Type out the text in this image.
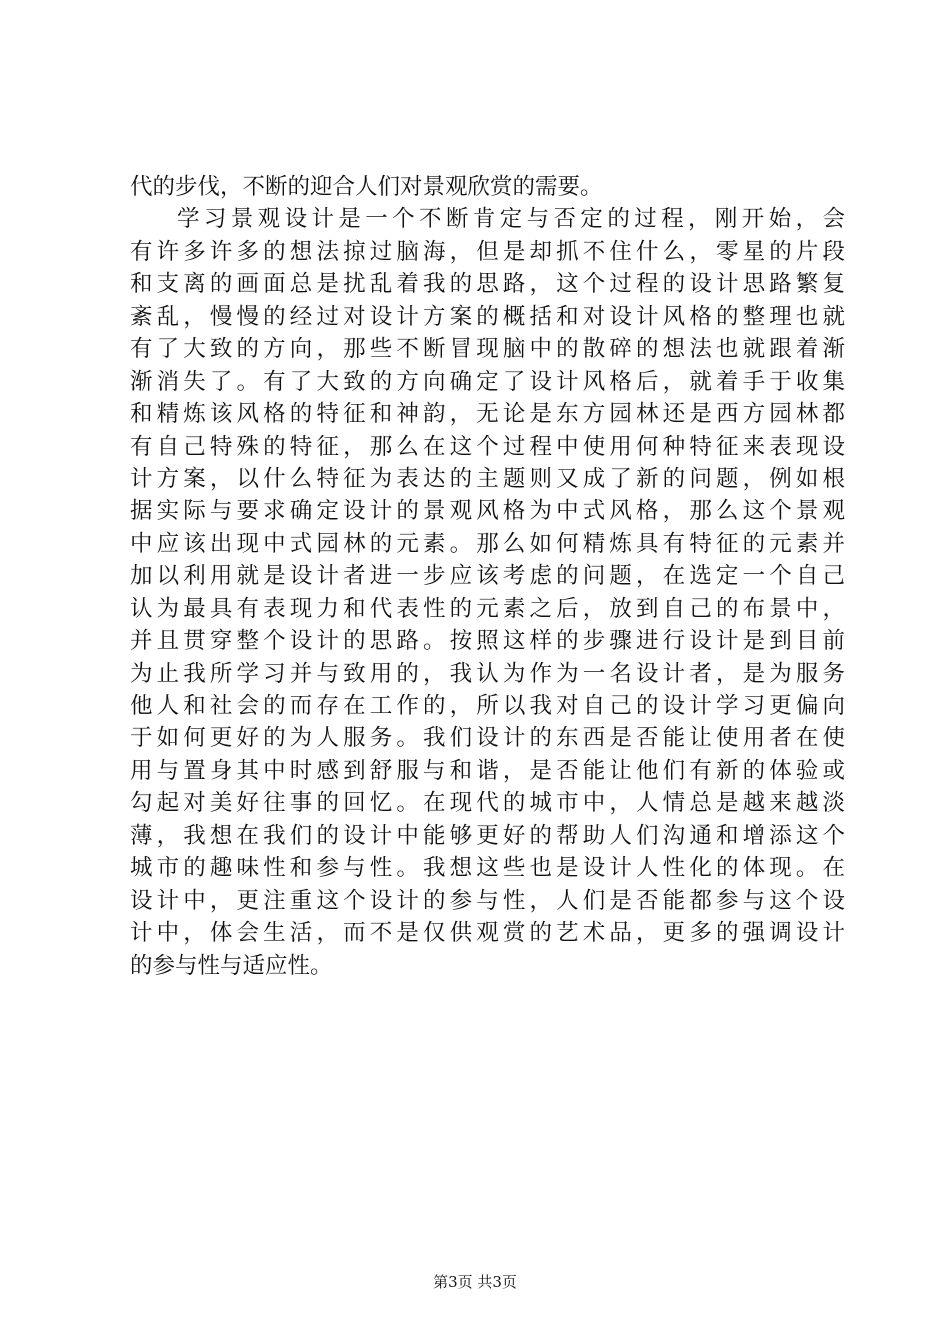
代的步伐，不断的迎合人们对景观欣赏的需要。
学习景观设计是一个不断肯定与否定的过程，刚开始，会
有许多许多的想法掠过脑海，但是却抓不住什么，零星的片段
和支离的画面总是扰乱着我的思路，这个过程的设计思路繁复
紊乱，慢慢的经过对设计方案的概括和对设计风格的整理也就
有了大致的方向，那些不断冒现脑中的散碎的想法也就跟着渐
渐消失了。有了大致的方向确定了设计风格后，就着手于收集
和精炼该风格的特征和神韵，无论是东方园林还是西方园林都
有自己特殊的特征，那么在这个过程中使用何种特征来表现设
计方案，以什么特征为表达的主题则又成了新的问题，例如根
据实际与要求确定设计的景观风格为中式风格，那么这个景观
中应该出现中式园林的元素。那么如何精炼具有特征的元素并
加以利用就是设计者进一步应该考虑的问题，在选定一个自己
认为最具有表现力和代表性的元素之后，放到自己的布景中，
并且贯穿整个设计的思路。按照这样的步骤进行设计是到目前
为止我所学习并与致用的，我认为作为一名设计者，是为服务
他人和社会的而存在工作的，所以我对自己的设计学习更偏向
于如何更好的为人服务。我们设计的东西是否能让使用者在使
用与置身其中时感到舒服与和谐，是否能让他们有新的体验或
勾起对美好往事的回忆。在现代的城市中，人情总是越来越淡
薄，我想在我们的设计中能够更好的帮助人们沟通和增添这个
城市的趣味性和参与性。我想这些也是设计人性化的体现。在
设计中，更注重这个设计的参与性，人们是否能都参与这个设
计中，体会生活，而不是仅供观赏的艺术品，更多的强调设计
的参与性与适应性。
第3页 共3页
